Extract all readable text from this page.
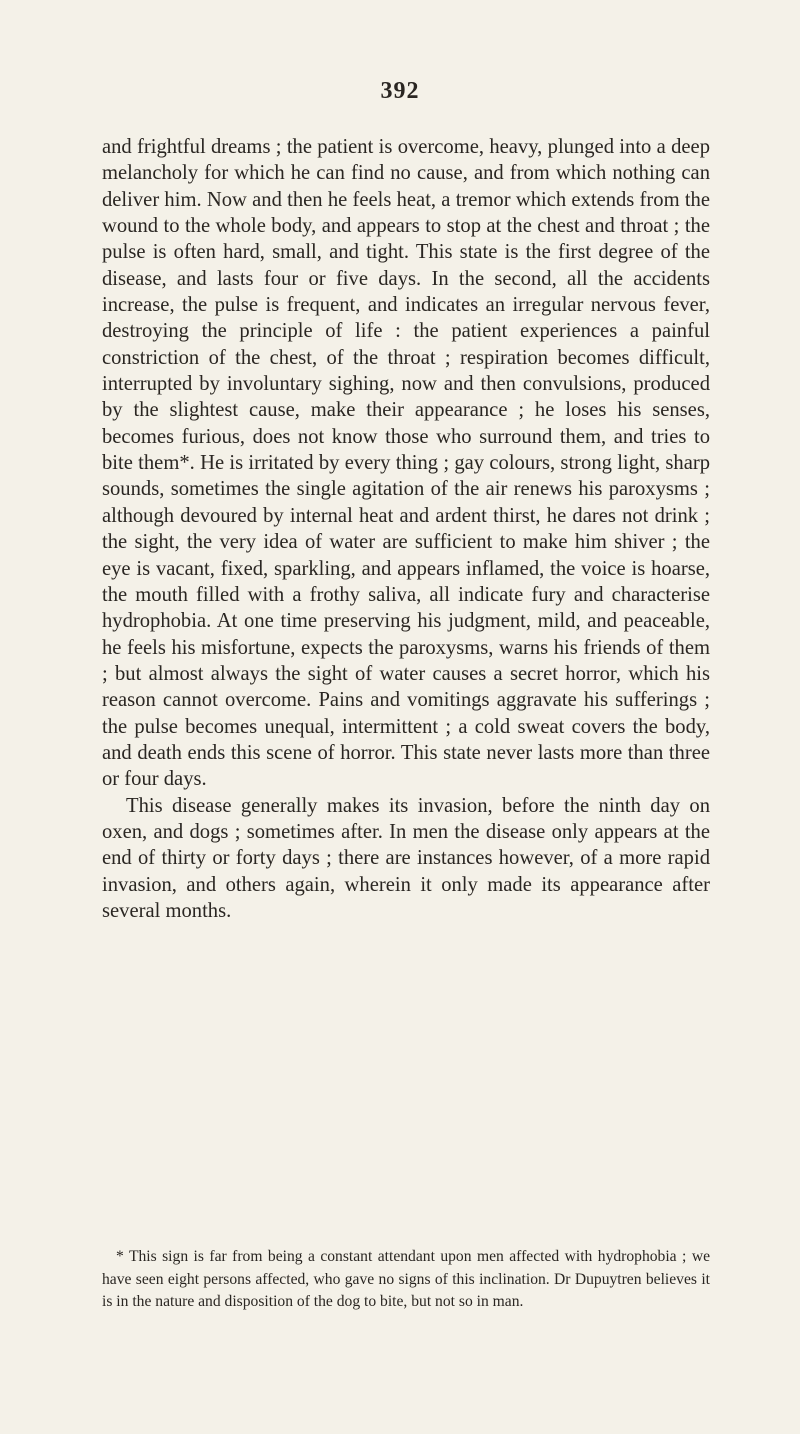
392

and frightful dreams ; the patient is overcome, heavy, plunged into a deep melancholy for which he can find no cause, and from which nothing can deliver him. Now and then he feels heat, a tremor which extends from the wound to the whole body, and appears to stop at the chest and throat ; the pulse is often hard, small, and tight. This state is the first degree of the disease, and lasts four or five days. In the second, all the accidents increase, the pulse is frequent, and indicates an irregular nervous fever, destroying the principle of life : the patient experiences a painful constriction of the chest, of the throat ; respiration becomes difficult, interrupted by involuntary sighing, now and then convulsions, produced by the slightest cause, make their appearance ; he loses his senses, becomes furious, does not know those who surround them, and tries to bite them*. He is irritated by every thing ; gay colours, strong light, sharp sounds, sometimes the single agitation of the air renews his paroxysms ; although devoured by internal heat and ardent thirst, he dares not drink ; the sight, the very idea of water are sufficient to make him shiver ; the eye is vacant, fixed, sparkling, and appears inflamed, the voice is hoarse, the mouth filled with a frothy saliva, all indicate fury and characterise hydrophobia. At one time preserving his judgment, mild, and peaceable, he feels his misfortune, expects the paroxysms, warns his friends of them ; but almost always the sight of water causes a secret horror, which his reason cannot overcome. Pains and vomitings aggravate his sufferings ; the pulse becomes unequal, intermittent ; a cold sweat covers the body, and death ends this scene of horror. This state never lasts more than three or four days.

This disease generally makes its invasion, before the ninth day on oxen, and dogs ; sometimes after. In men the disease only appears at the end of thirty or forty days ; there are instances however, of a more rapid invasion, and others again, wherein it only made its appearance after several months.

* This sign is far from being a constant attendant upon men affected with hydrophobia ; we have seen eight persons affected, who gave no signs of this inclination. Dr Dupuytren believes it is in the nature and disposition of the dog to bite, but not so in man.
